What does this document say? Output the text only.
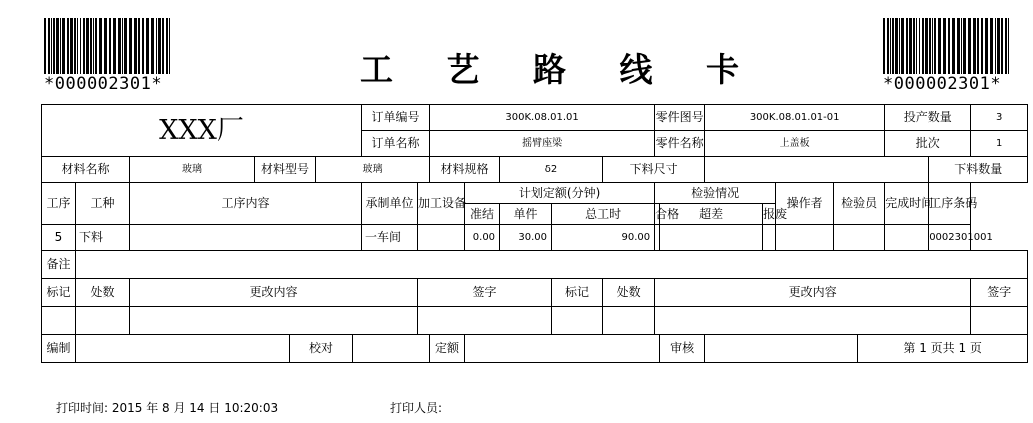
*000002301*	工 艺 路 线 卡	*000002301*
XXX厂							订单编号		300K.08.01.01					零件图号		300K.08.01.01-01					投产数量		3	
							订单名称		摇臂座梁					零件名称		上盖板					批次		1	
材料名称		玻璃	材料型号		玻璃				材料规格		δ2		下料尺寸									下料数量	
工序	工种	工序内容					承制单位	加工设备		计划定额(分钟)				检验情况				操作者	检验员		完成时间	工序条码		
										准结	单件	总工时		合格	超差		报废							
5	下料						一车间			0.00	30.00	90.00										0002301001		
备注																								
标记	处数	更改内容						签字				标记	处数	更改内容									签字	

编制				校对					定额						审核					第 1 页共 1 页				
打印时间: 2015 年 8 月 14 日 10:20:03	打印人员:
